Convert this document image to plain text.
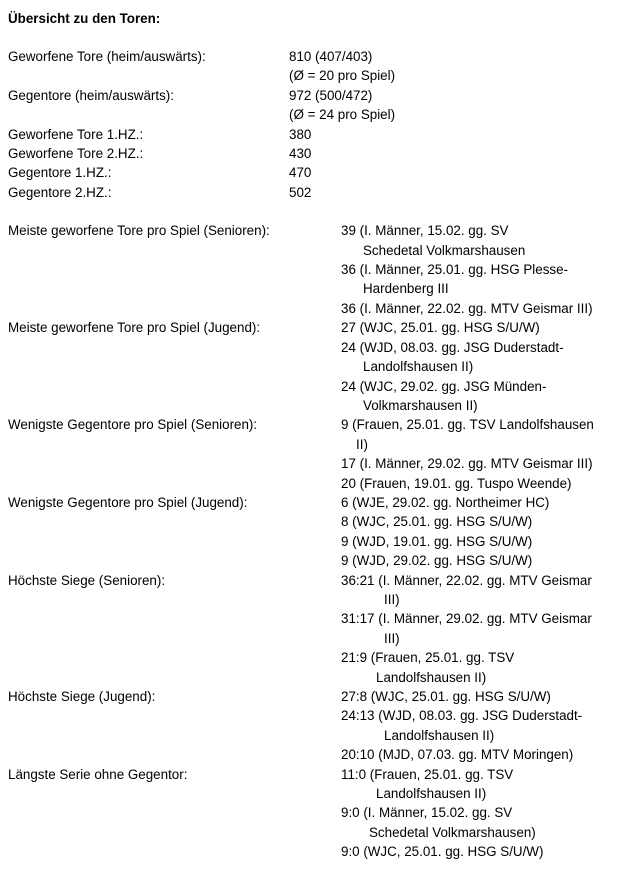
Übersicht zu den Toren:
Geworfene Tore (heim/auswärts):	810 (407/403)
(Ø = 20 pro Spiel)
Gegentore (heim/auswärts):	972 (500/472)
(Ø = 24 pro Spiel)
Geworfene Tore 1.HZ.:	380
Geworfene Tore 2.HZ.:	430
Gegentore 1.HZ.:	470
Gegentore 2.HZ.:	502
Meiste geworfene Tore pro Spiel (Senioren):	39 (I. Männer, 15.02. gg. SV
Schedetal Volkmarshausen
36 (I. Männer, 25.01. gg. HSG Plesse-
Hardenberg III
36 (I. Männer, 22.02. gg. MTV Geismar III)
Meiste geworfene Tore pro Spiel (Jugend):	27 (WJC, 25.01. gg. HSG S/U/W)
24 (WJD, 08.03. gg. JSG Duderstadt-
Landolfshausen II)
24 (WJC, 29.02. gg. JSG Münden-
Volkmarshausen II)
Wenigste Gegentore pro Spiel (Senioren):	9 (Frauen, 25.01. gg. TSV Landolfshausen
II)
17 (I. Männer, 29.02. gg. MTV Geismar III)
20 (Frauen, 19.01. gg. Tuspo Weende)
Wenigste Gegentore pro Spiel (Jugend):	6 (WJE, 29.02. gg. Northeimer HC)
8 (WJC, 25.01. gg. HSG S/U/W)
9 (WJD, 19.01. gg. HSG S/U/W)
9 (WJD, 29.02. gg. HSG S/U/W)
Höchste Siege (Senioren):	36:21 (I. Männer, 22.02. gg. MTV Geismar
III)
31:17 (I. Männer, 29.02. gg. MTV Geismar
III)
21:9 (Frauen, 25.01. gg. TSV
Landolfshausen II)
Höchste Siege (Jugend):	27:8 (WJC, 25.01. gg. HSG S/U/W)
24:13 (WJD, 08.03. gg. JSG Duderstadt-
Landolfshausen II)
20:10 (MJD, 07.03. gg. MTV Moringen)
Längste Serie ohne Gegentor:	11:0 (Frauen, 25.01. gg. TSV
Landolfshausen II)
9:0 (I. Männer, 15.02. gg. SV
Schedetal Volkmarshausen)
9:0 (WJC, 25.01. gg. HSG S/U/W)
